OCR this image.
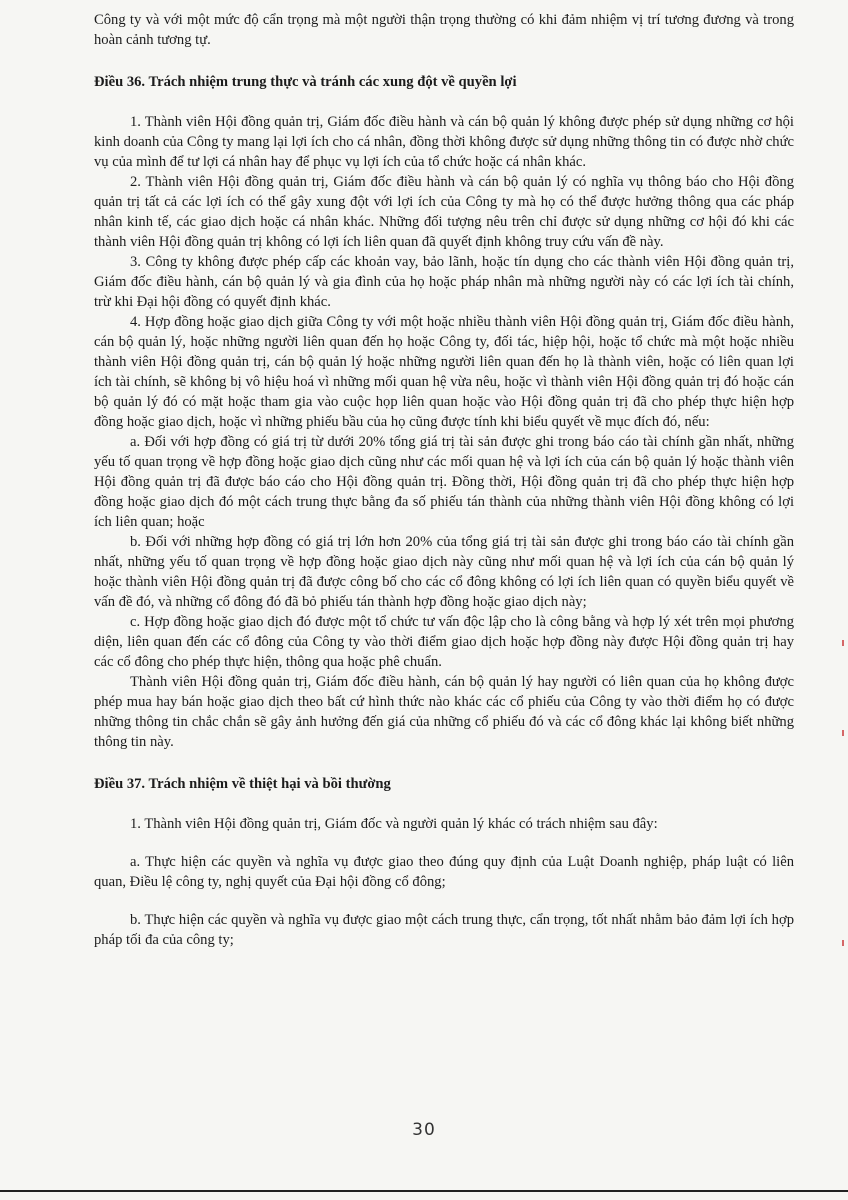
Công ty và với một mức độ cẩn trọng mà một người thận trọng thường có khi đảm nhiệm vị trí tương đương và trong hoàn cảnh tương tự.

Điều 36. Trách nhiệm trung thực và tránh các xung đột về quyền lợi

1. Thành viên Hội đồng quản trị, Giám đốc điều hành và cán bộ quản lý không được phép sử dụng những cơ hội kinh doanh của Công ty mang lại lợi ích cho cá nhân, đồng thời không được sử dụng những thông tin có được nhờ chức vụ của mình để tư lợi cá nhân hay để phục vụ lợi ích của tổ chức hoặc cá nhân khác.

2. Thành viên Hội đồng quản trị, Giám đốc điều hành và cán bộ quản lý có nghĩa vụ thông báo cho Hội đồng quản trị tất cả các lợi ích có thể gây xung đột với lợi ích của Công ty mà họ có thể được hưởng thông qua các pháp nhân kinh tế, các giao dịch hoặc cá nhân khác. Những đối tượng nêu trên chỉ được sử dụng những cơ hội đó khi các thành viên Hội đồng quản trị không có lợi ích liên quan đã quyết định không truy cứu vấn đề này.

3. Công ty không được phép cấp các khoản vay, bảo lãnh, hoặc tín dụng cho các thành viên Hội đồng quản trị, Giám đốc điều hành, cán bộ quản lý và gia đình của họ hoặc pháp nhân mà những người này có các lợi ích tài chính, trừ khi Đại hội đồng có quyết định khác.

4. Hợp đồng hoặc giao dịch giữa Công ty với một hoặc nhiều thành viên Hội đồng quản trị, Giám đốc điều hành, cán bộ quản lý, hoặc những người liên quan đến họ hoặc Công ty, đối tác, hiệp hội, hoặc tổ chức mà một hoặc nhiều thành viên Hội đồng quản trị, cán bộ quản lý hoặc những người liên quan đến họ là thành viên, hoặc có liên quan lợi ích tài chính, sẽ không bị vô hiệu hoá vì những mối quan hệ vừa nêu, hoặc vì thành viên Hội đồng quản trị đó hoặc cán bộ quản lý đó có mặt hoặc tham gia vào cuộc họp liên quan hoặc vào Hội đồng quản trị đã cho phép thực hiện hợp đồng hoặc giao dịch, hoặc vì những phiếu bầu của họ cũng được tính khi biểu quyết về mục đích đó, nếu:

a. Đối với hợp đồng có giá trị từ dưới 20% tổng giá trị tài sản được ghi trong báo cáo tài chính gần nhất, những yếu tố quan trọng về hợp đồng hoặc giao dịch cũng như các mối quan hệ và lợi ích của cán bộ quản lý hoặc thành viên Hội đồng quản trị đã được báo cáo cho Hội đồng quản trị. Đồng thời, Hội đồng quản trị đã cho phép thực hiện hợp đồng hoặc giao dịch đó một cách trung thực bằng đa số phiếu tán thành của những thành viên Hội đồng không có lợi ích liên quan; hoặc

b. Đối với những hợp đồng có giá trị lớn hơn 20% của tổng giá trị tài sản được ghi trong báo cáo tài chính gần nhất, những yếu tố quan trọng về hợp đồng hoặc giao dịch này cũng như mối quan hệ và lợi ích của cán bộ quản lý hoặc thành viên Hội đồng quản trị đã được công bố cho các cổ đông không có lợi ích liên quan có quyền biểu quyết về vấn đề đó, và những cổ đông đó đã bỏ phiếu tán thành hợp đồng hoặc giao dịch này;

c. Hợp đồng hoặc giao dịch đó được một tổ chức tư vấn độc lập cho là công bằng và hợp lý xét trên mọi phương diện, liên quan đến các cổ đông của Công ty vào thời điểm giao dịch hoặc hợp đồng này được Hội đồng quản trị hay các cổ đông cho phép thực hiện, thông qua hoặc phê chuẩn.

Thành viên Hội đồng quản trị, Giám đốc điều hành, cán bộ quản lý hay người có liên quan của họ không được phép mua hay bán hoặc giao dịch theo bất cứ hình thức nào khác các cổ phiếu của Công ty vào thời điểm họ có được những thông tin chắc chắn sẽ gây ảnh hưởng đến giá của những cổ phiếu đó và các cổ đông khác lại không biết những thông tin này.

Điều 37. Trách nhiệm về thiệt hại và bồi thường

1. Thành viên Hội đồng quản trị, Giám đốc và người quản lý khác có trách nhiệm sau đây:

a. Thực hiện các quyền và nghĩa vụ được giao theo đúng quy định của Luật Doanh nghiệp, pháp luật có liên quan, Điều lệ công ty, nghị quyết của Đại hội đồng cổ đông;

b. Thực hiện các quyền và nghĩa vụ được giao một cách trung thực, cẩn trọng, tốt nhất nhằm bảo đảm lợi ích hợp pháp tối đa của công ty;

30
